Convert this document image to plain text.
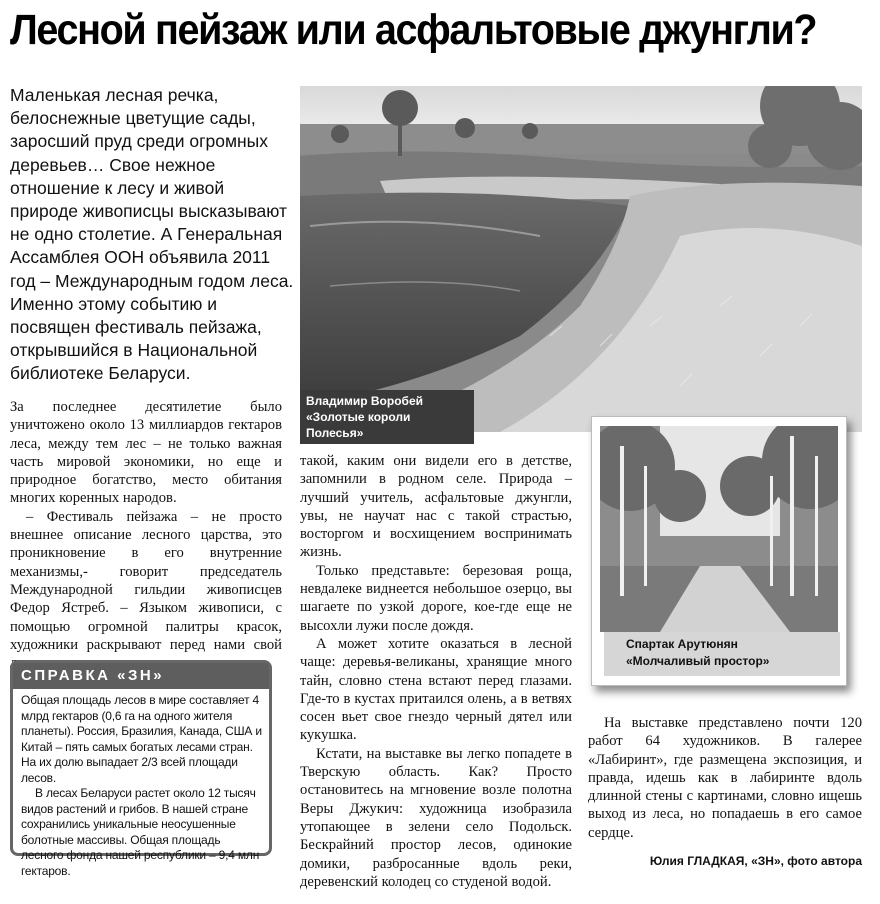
Лесной пейзаж или асфальтовые джунгли?
Маленькая лесная речка, белоснежные цветущие сады, заросший пруд среди огромных деревьев… Свое нежное отношение к лесу и живой природе живописцы высказывают не одно столетие. А Генеральная Ассамблея ООН объявила 2011 год – Международным годом леса. Именно этому событию и посвящен фестиваль пейзажа, открывшийся в Национальной библиотеке Беларуси.
Владимир Воробей
«Золотые короли Полесья»
Спартак Арутюнян
«Молчаливый простор»

За последнее десятилетие было уничтожено около 13 миллиардов гектаров леса, между тем лес – не только важная часть мировой экономики, но еще и природное богатство, место обитания многих коренных народов.

– Фестиваль пейзажа – не просто внешнее описание лесного царства, это проникновение в его внутренние механизмы,- говорит председатель Международной гильдии живописцев Федор Ястреб. – Языком живописи, с помощью огромной палитры красок, художники раскрывают перед нами свой

такой, каким они видели его в детстве, запомнили в родном селе. Природа – лучший учитель, асфальтовые джунгли, увы, не научат нас с такой страстью, восторгом и восхищением воспринимать жизнь.

Только представьте: березовая роща, невдалеке виднеется небольшое озерцо, вы шагаете по узкой дороге, кое-где еще не высохли лужи после дождя.

А может хотите оказаться в лесной чаще: деревья-великаны, хранящие много тайн, словно стена встают перед глазами. Где-то в кустах притаился олень, а в ветвях сосен вьет свое гнездо черный дятел или кукушка.

Кстати, на выставке вы легко попадете в Тверскую область. Как? Просто остановитесь на мгновение возле полотна Веры Джукич: художница изобразила утопающее в зелени село Подольск. Бескрайний простор лесов, одинокие домики, разбросанные вдоль реки, деревенский колодец со студеной водой.

На выставке представлено почти 120 работ 64 художников. В галерее «Лабиринт», где размещена экспозиция, и правда, идешь как в лабиринте вдоль длинной стены с картинами, словно ищешь выход из леса, но попадаешь в его самое сердце.

СПРАВКА «ЗН»

Общая площадь лесов в мире составляет 4 млрд гектаров (0,6 га на одного жителя планеты). Россия, Бразилия, Канада, США и Китай – пять самых богатых лесами стран. На их долю выпадает 2/3 всей площади лесов.

В лесах Беларуси растет около 12 тысяч видов растений и грибов. В нашей стране сохранились уникальные неосушенные болотные массивы. Общая площадь лесного фонда нашей республики – 9,4 млн гектаров.

Юлия ГЛАДКАЯ, «ЗН», фото автора
